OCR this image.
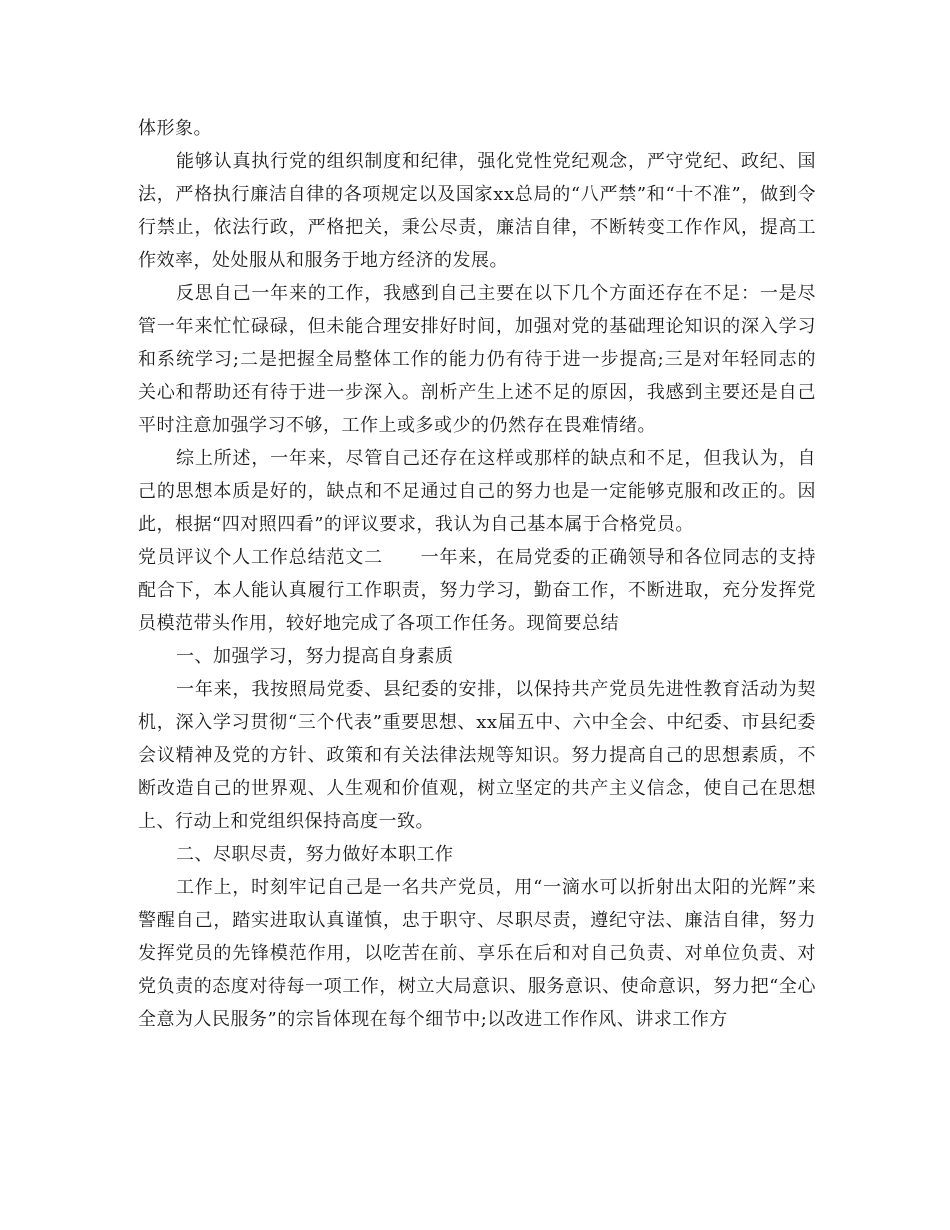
体形象。

能够认真执行党的组织制度和纪律，强化党性党纪观念，严守党纪、政纪、国法，严格执行廉洁自律的各项规定以及国家xx总局的“八严禁”和“十不准”，做到令行禁止，依法行政，严格把关，秉公尽责，廉洁自律，不断转变工作作风，提高工作效率，处处服从和服务于地方经济的发展。

反思自己一年来的工作，我感到自己主要在以下几个方面还存在不足：一是尽管一年来忙忙碌碌，但未能合理安排好时间，加强对党的基础理论知识的深入学习和系统学习;二是把握全局整体工作的能力仍有待于进一步提高;三是对年轻同志的关心和帮助还有待于进一步深入。剖析产生上述不足的原因，我感到主要还是自己平时注意加强学习不够，工作上或多或少的仍然存在畏难情绪。

综上所述，一年来，尽管自己还存在这样或那样的缺点和不足，但我认为，自己的思想本质是好的，缺点和不足通过自己的努力也是一定能够克服和改正的。因此，根据“四对照四看”的评议要求，我认为自己基本属于合格党员。

党员评议个人工作总结范文二　　一年来，在局党委的正确领导和各位同志的支持配合下，本人能认真履行工作职责，努力学习，勤奋工作，不断进取，充分发挥党员模范带头作用，较好地完成了各项工作任务。现简要总结

一、加强学习，努力提高自身素质

一年来，我按照局党委、县纪委的安排，以保持共产党员先进性教育活动为契机，深入学习贯彻“三个代表”重要思想、xx届五中、六中全会、中纪委、市县纪委会议精神及党的方针、政策和有关法律法规等知识。努力提高自己的思想素质，不断改造自己的世界观、人生观和价值观，树立坚定的共产主义信念，使自己在思想上、行动上和党组织保持高度一致。

二、尽职尽责，努力做好本职工作

工作上，时刻牢记自己是一名共产党员，用“一滴水可以折射出太阳的光辉”来警醒自己，踏实进取认真谨慎，忠于职守、尽职尽责，遵纪守法、廉洁自律，努力发挥党员的先锋模范作用，以吃苦在前、享乐在后和对自己负责、对单位负责、对党负责的态度对待每一项工作，树立大局意识、服务意识、使命意识，努力把“全心全意为人民服务”的宗旨体现在每个细节中;以改进工作作风、讲求工作方
